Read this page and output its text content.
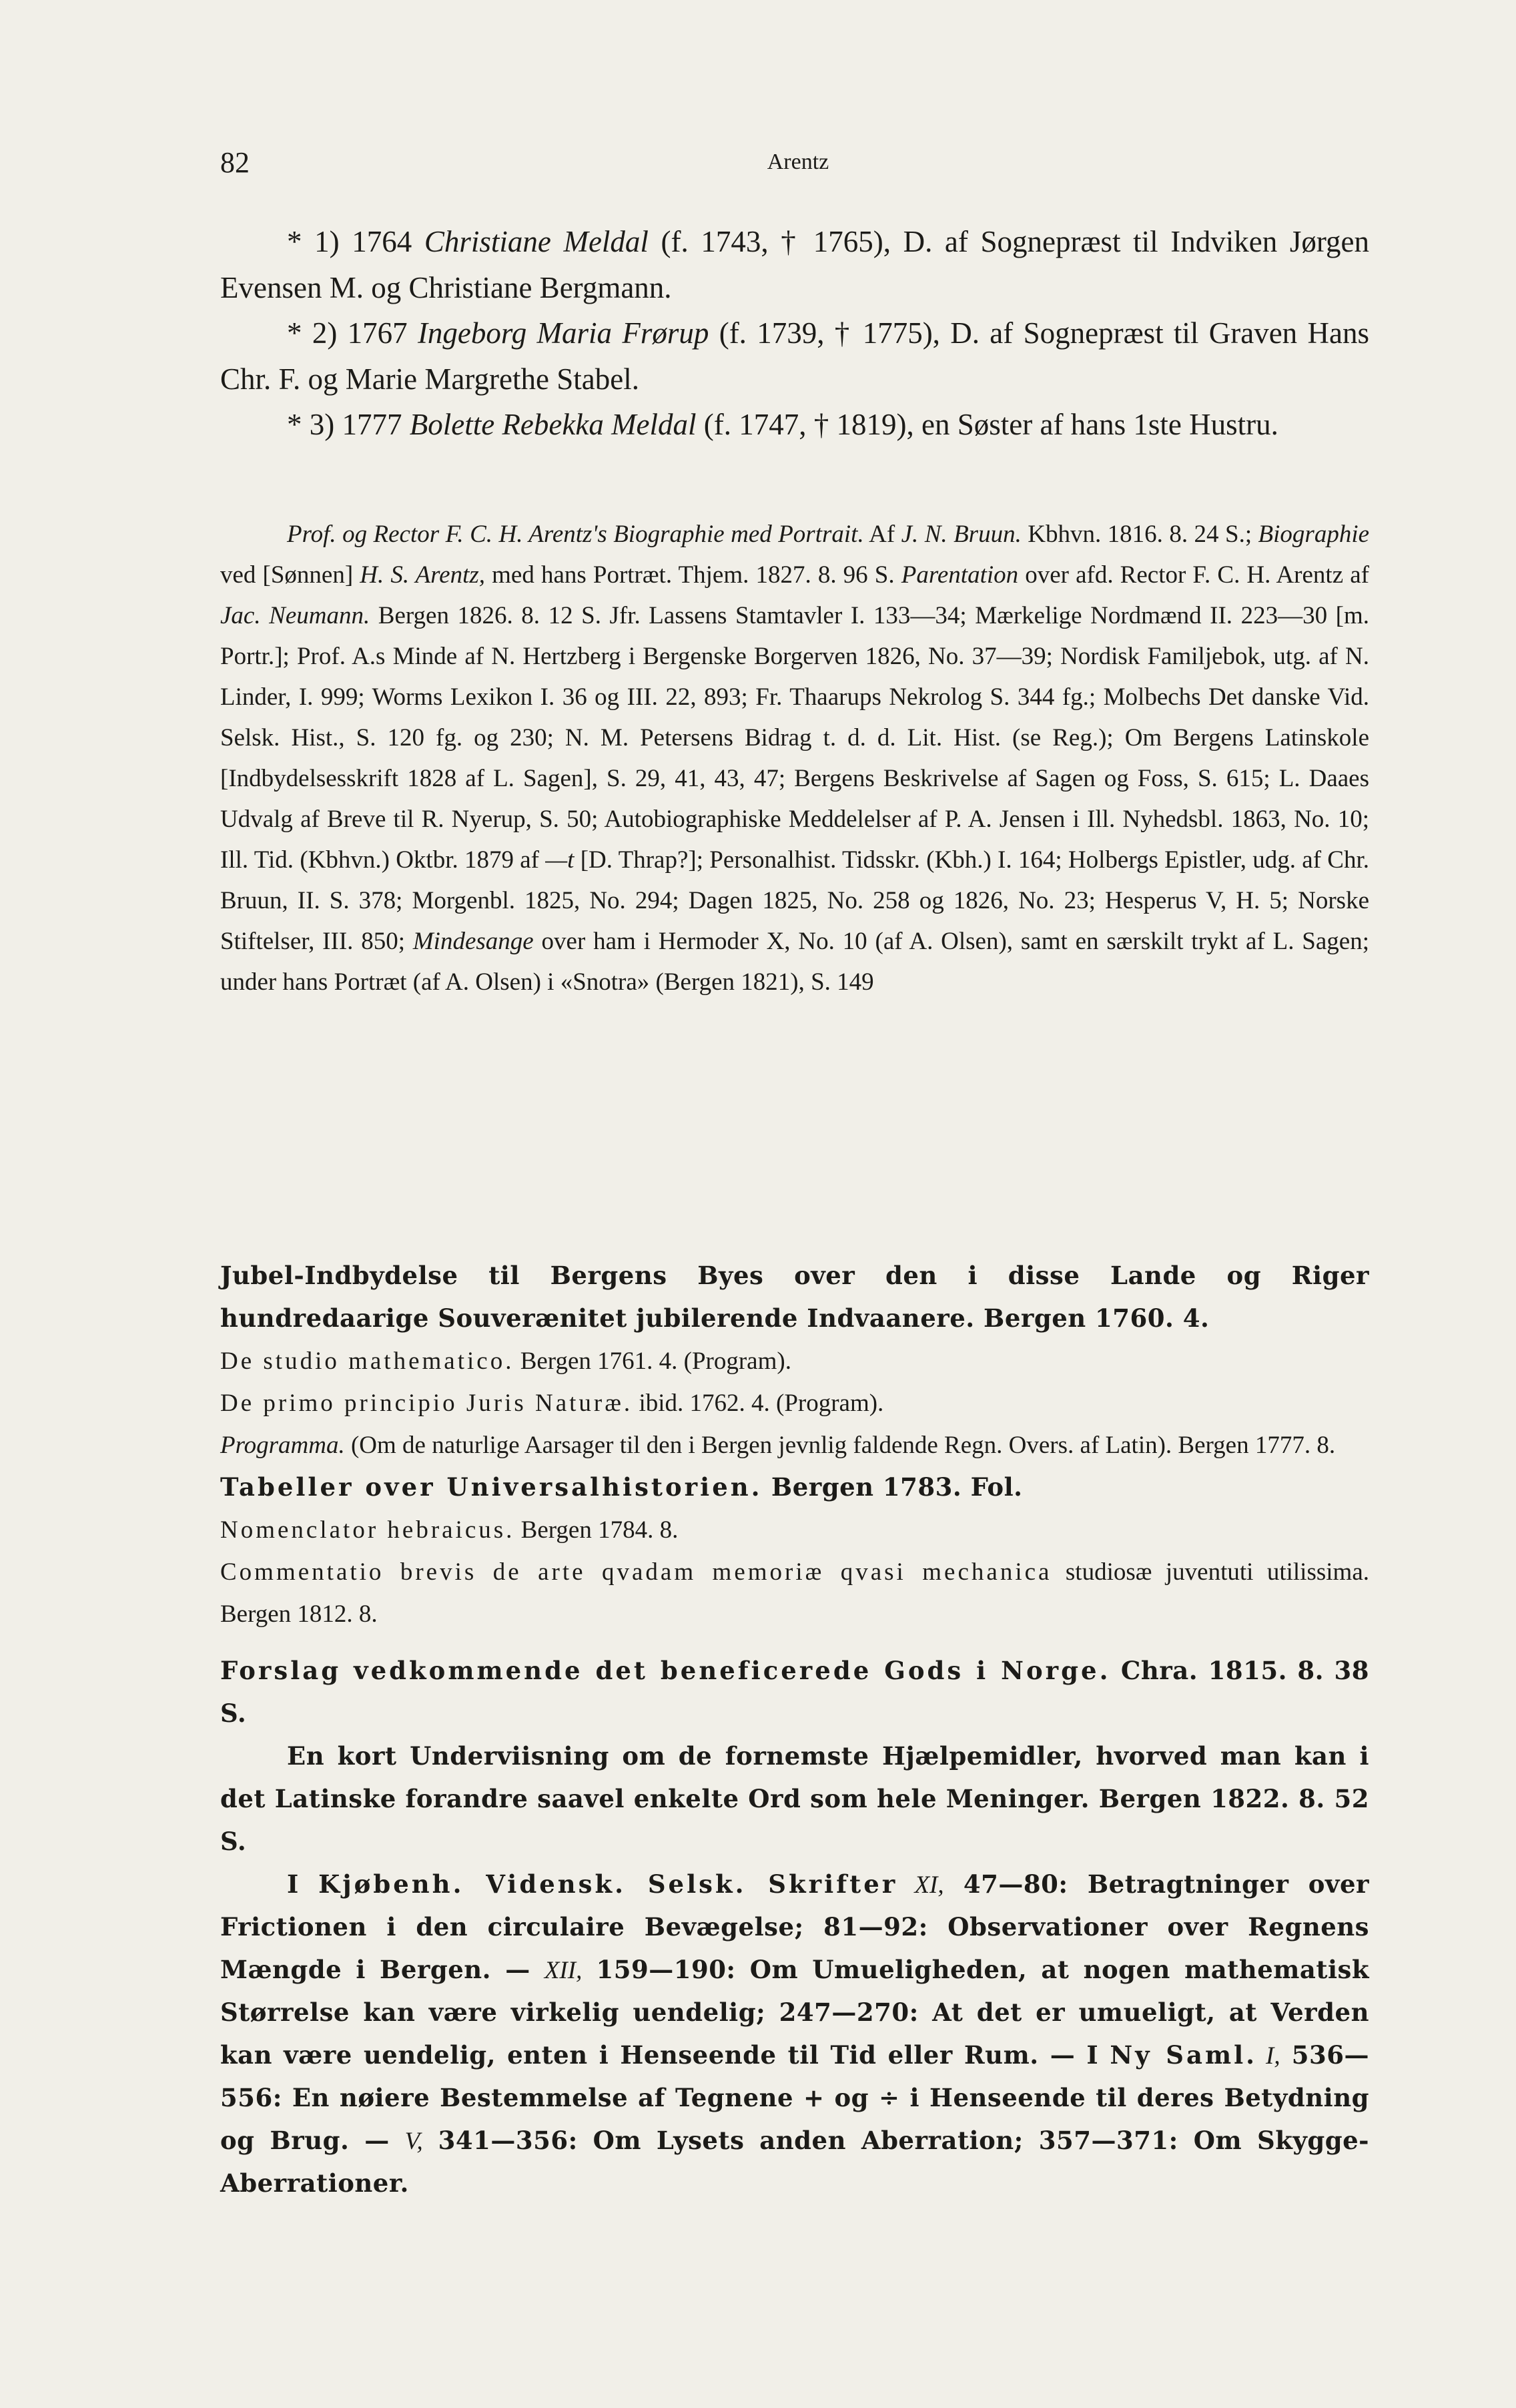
82	Arentz

* 1) 1764 Christiane Meldal (f. 1743, † 1765), D. af Sognepræst til Indviken Jørgen Evensen M. og Christiane Bergmann.

* 2) 1767 Ingeborg Maria Frørup (f. 1739, † 1775), D. af Sognepræst til Graven Hans Chr. F. og Marie Margrethe Stabel.

* 3) 1777 Bolette Rebekka Meldal (f. 1747, † 1819), en Søster af hans 1ste Hustru.

Prof. og Rector F. C. H. Arentz's Biographie med Portrait. Af J. N. Bruun. Kbhvn. 1816. 8. 24 S.; Biographie ved [Sønnen] H. S. Arentz, med hans Portræt. Thjem. 1827. 8. 96 S. Parentation over afd. Rector F. C. H. Arentz af Jac. Neumann. Bergen 1826. 8. 12 S. Jfr. Lassens Stamtavler I. 133—34; Mærkelige Nordmænd II. 223—30 [m. Portr.]; Prof. A.s Minde af N. Hertzberg i Bergenske Borgerven 1826, No. 37—39; Nordisk Familjebok, utg. af N. Linder, I. 999; Worms Lexikon I. 36 og III. 22, 893; Fr. Thaarups Nekrolog S. 344 fg.; Molbechs Det danske Vid. Selsk. Hist., S. 120 fg. og 230; N. M. Petersens Bidrag t. d. d. Lit. Hist. (se Reg.); Om Bergens Latinskole [Indbydelsesskrift 1828 af L. Sagen], S. 29, 41, 43, 47; Bergens Beskrivelse af Sagen og Foss, S. 615; L. Daaes Udvalg af Breve til R. Nyerup, S. 50; Autobiographiske Meddelelser af P. A. Jensen i Ill. Nyhedsbl. 1863, No. 10; Ill. Tid. (Kbhvn.) Oktbr. 1879 af —t [D. Thrap?]; Personalhist. Tidsskr. (Kbh.) I. 164; Holbergs Epistler, udg. af Chr. Bruun, II. S. 378; Morgenbl. 1825, No. 294; Dagen 1825, No. 258 og 1826, No. 23; Hesperus V, H. 5; Norske Stiftelser, III. 850; Mindesange over ham i Hermoder X, No. 10 (af A. Olsen), samt en særskilt trykt af L. Sagen; under hans Portræt (af A. Olsen) i «Snotra» (Bergen 1821), S. 149

Jubel-Indbydelse til Bergens Byes over den i disse Lande og Riger hundredaarige Souverænitet jubilerende Indvaanere. Bergen 1760. 4.

De studio mathematico. Bergen 1761. 4. (Program).

De primo principio Juris Naturæ. ibid. 1762. 4. (Program).

Programma. (Om de naturlige Aarsager til den i Bergen jevnlig faldende Regn. Overs. af Latin). Bergen 1777. 8.

Tabeller over Universalhistorien. Bergen 1783. Fol.

Nomenclator hebraicus. Bergen 1784. 8.

Commentatio brevis de arte qvadam memoriæ qvasi mechanica studiosæ juventuti utilissima. Bergen 1812. 8.

Forslag vedkommende det beneficerede Gods i Norge. Chra. 1815. 8. 38 S.

En kort Underviisning om de fornemste Hjælpemidler, hvorved man kan i det Latinske forandre saavel enkelte Ord som hele Meninger. Bergen 1822. 8. 52 S.

I Kjøbenh. Vidensk. Selsk. Skrifter XI, 47—80: Betragtninger over Frictionen i den circulaire Bevægelse; 81—92: Observationer over Regnens Mængde i Bergen. — XII, 159—190: Om Umueligheden, at nogen mathematisk Størrelse kan være virkelig uendelig; 247—270: At det er umueligt, at Verden kan være uendelig, enten i Henseende til Tid eller Rum. — I Ny Saml. I, 536—556: En nøiere Bestemmelse af Tegnene + og ÷ i Henseende til deres Betydning og Brug. — V, 341—356: Om Lysets anden Aberration; 357—371: Om Skygge-Aberrationer.
